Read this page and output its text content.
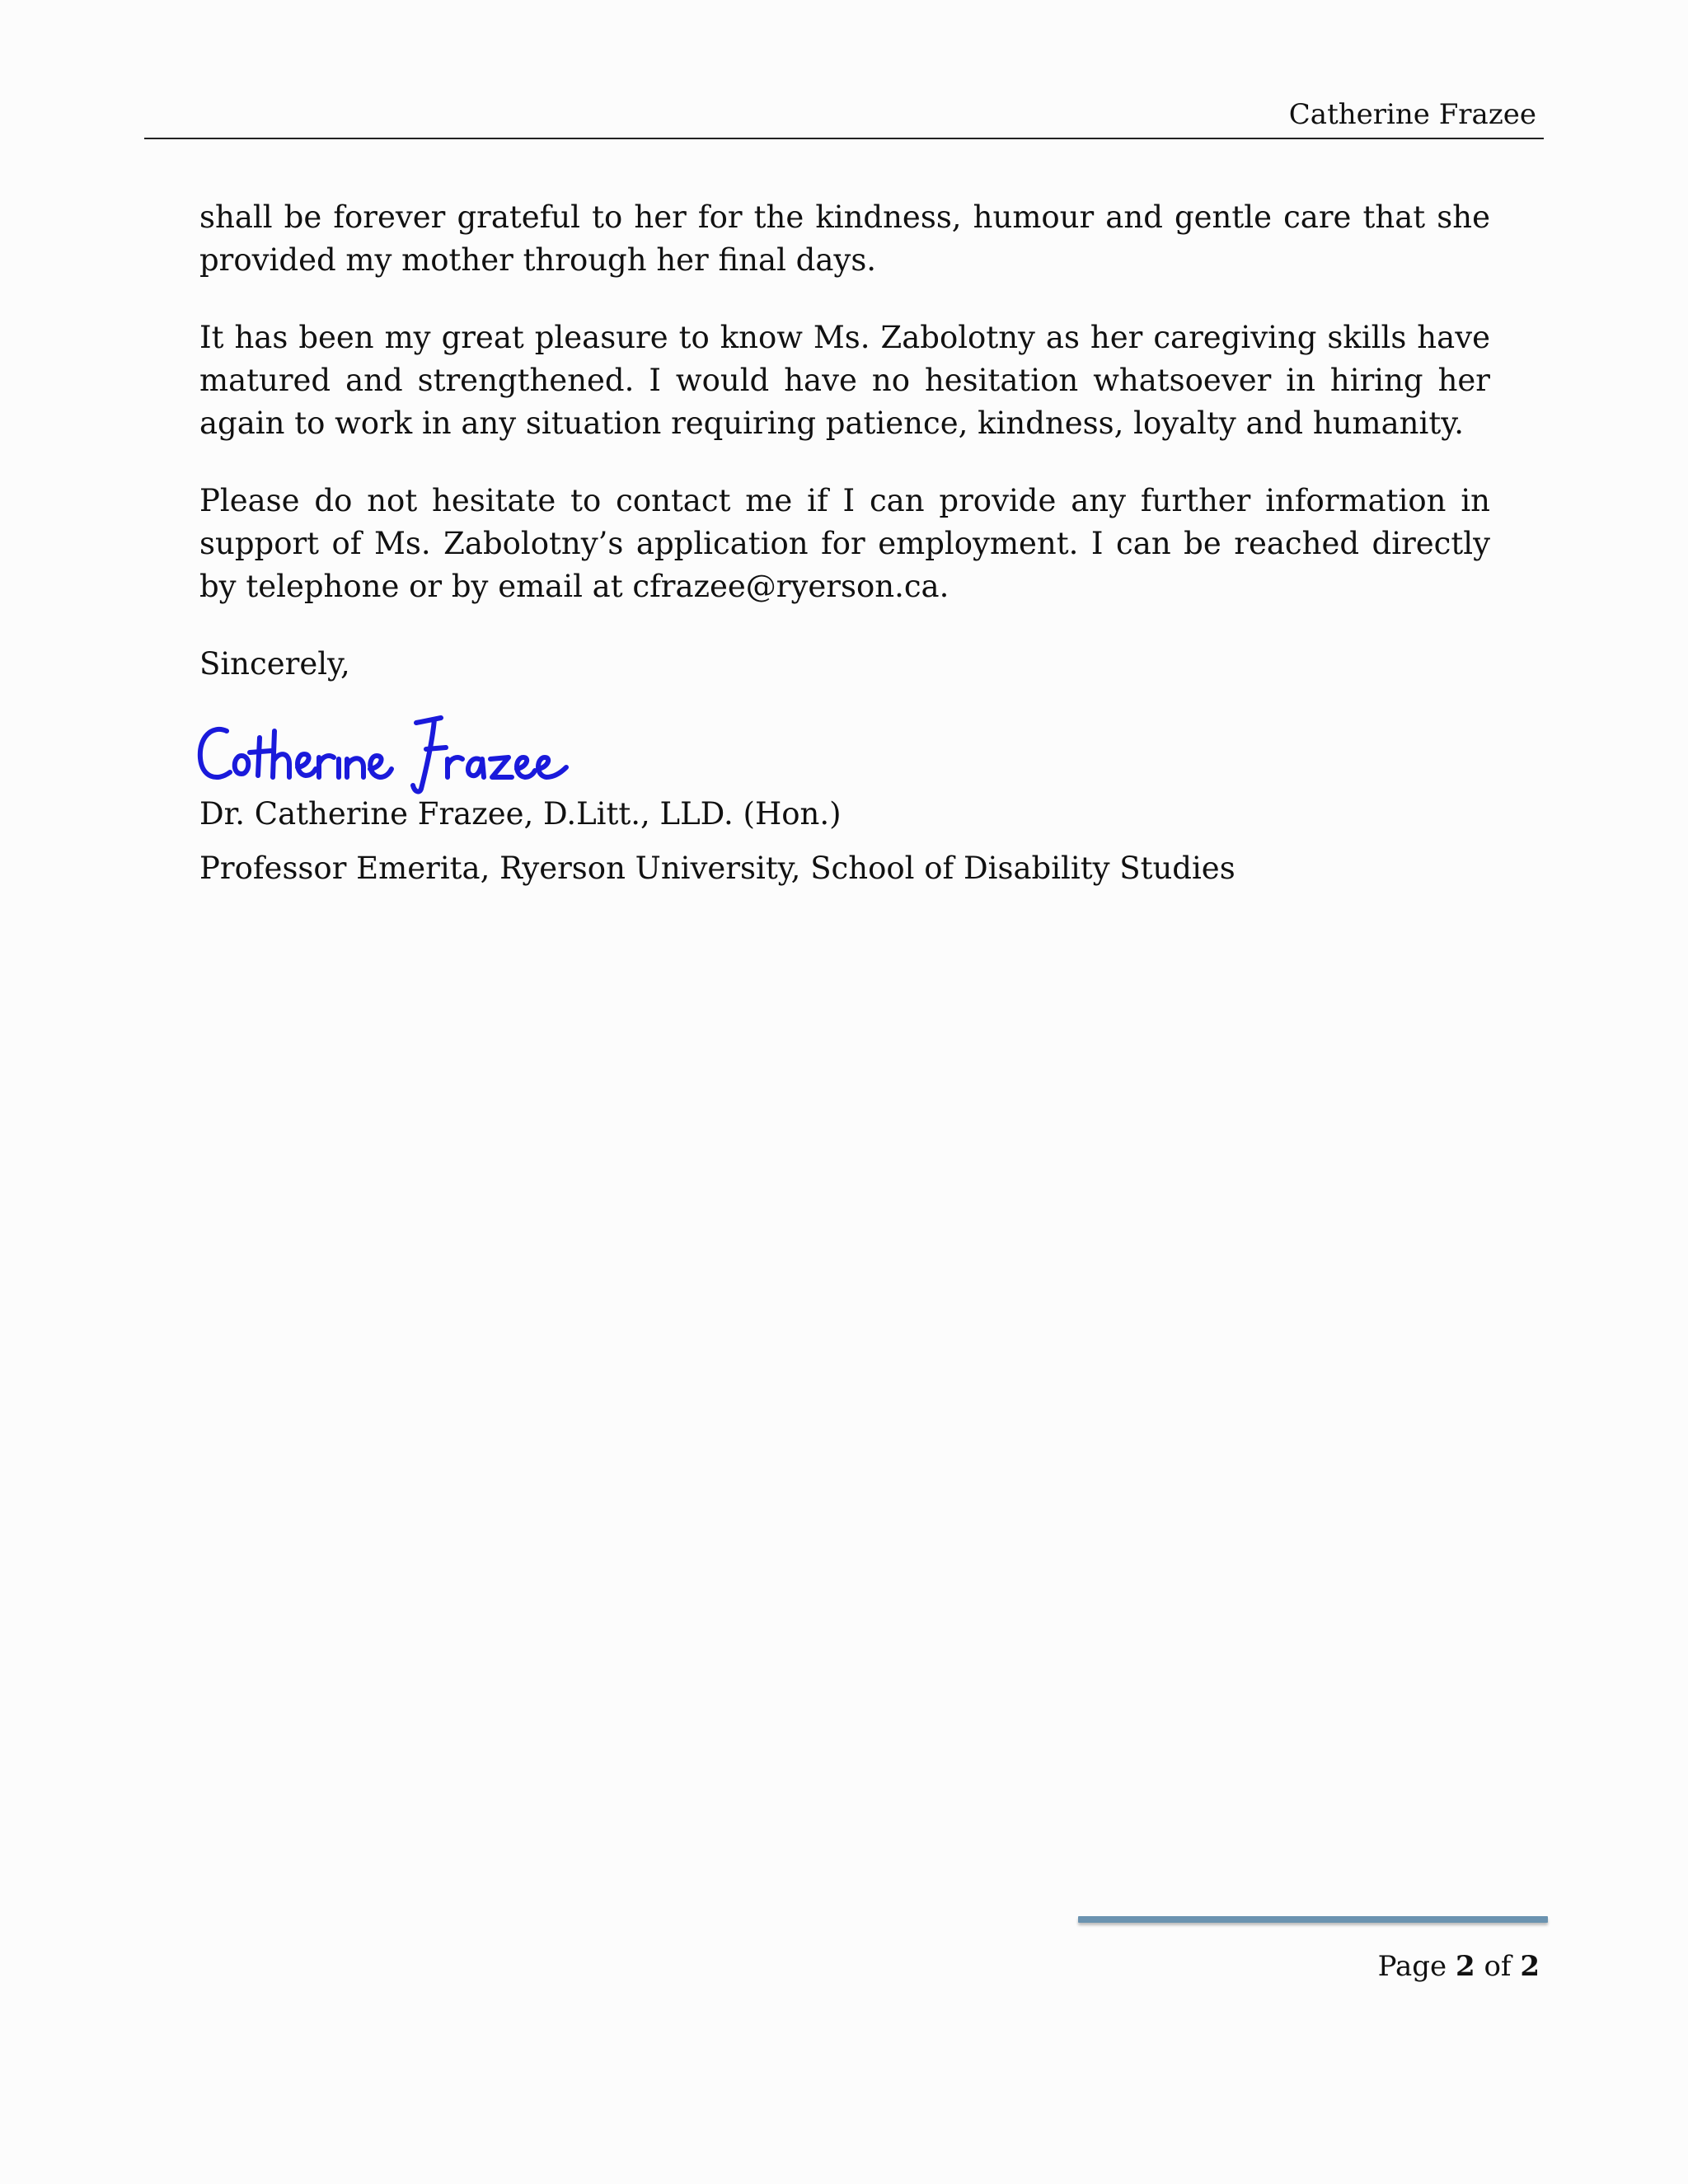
Catherine Frazee

shall be forever grateful to her for the kindness, humour and gentle care that she provided my mother through her final days.

It has been my great pleasure to know Ms. Zabolotny as her caregiving skills have matured and strengthened. I would have no hesitation whatsoever in hiring her again to work in any situation requiring patience, kindness, loyalty and humanity.

Please do not hesitate to contact me if I can provide any further information in support of Ms. Zabolotny’s application for employment. I can be reached directly by telephone or by email at cfrazee@ryerson.ca.

Sincerely,

Dr. Catherine Frazee, D.Litt., LLD. (Hon.)

Professor Emerita, Ryerson University, School of Disability Studies

Page 2 of 2
